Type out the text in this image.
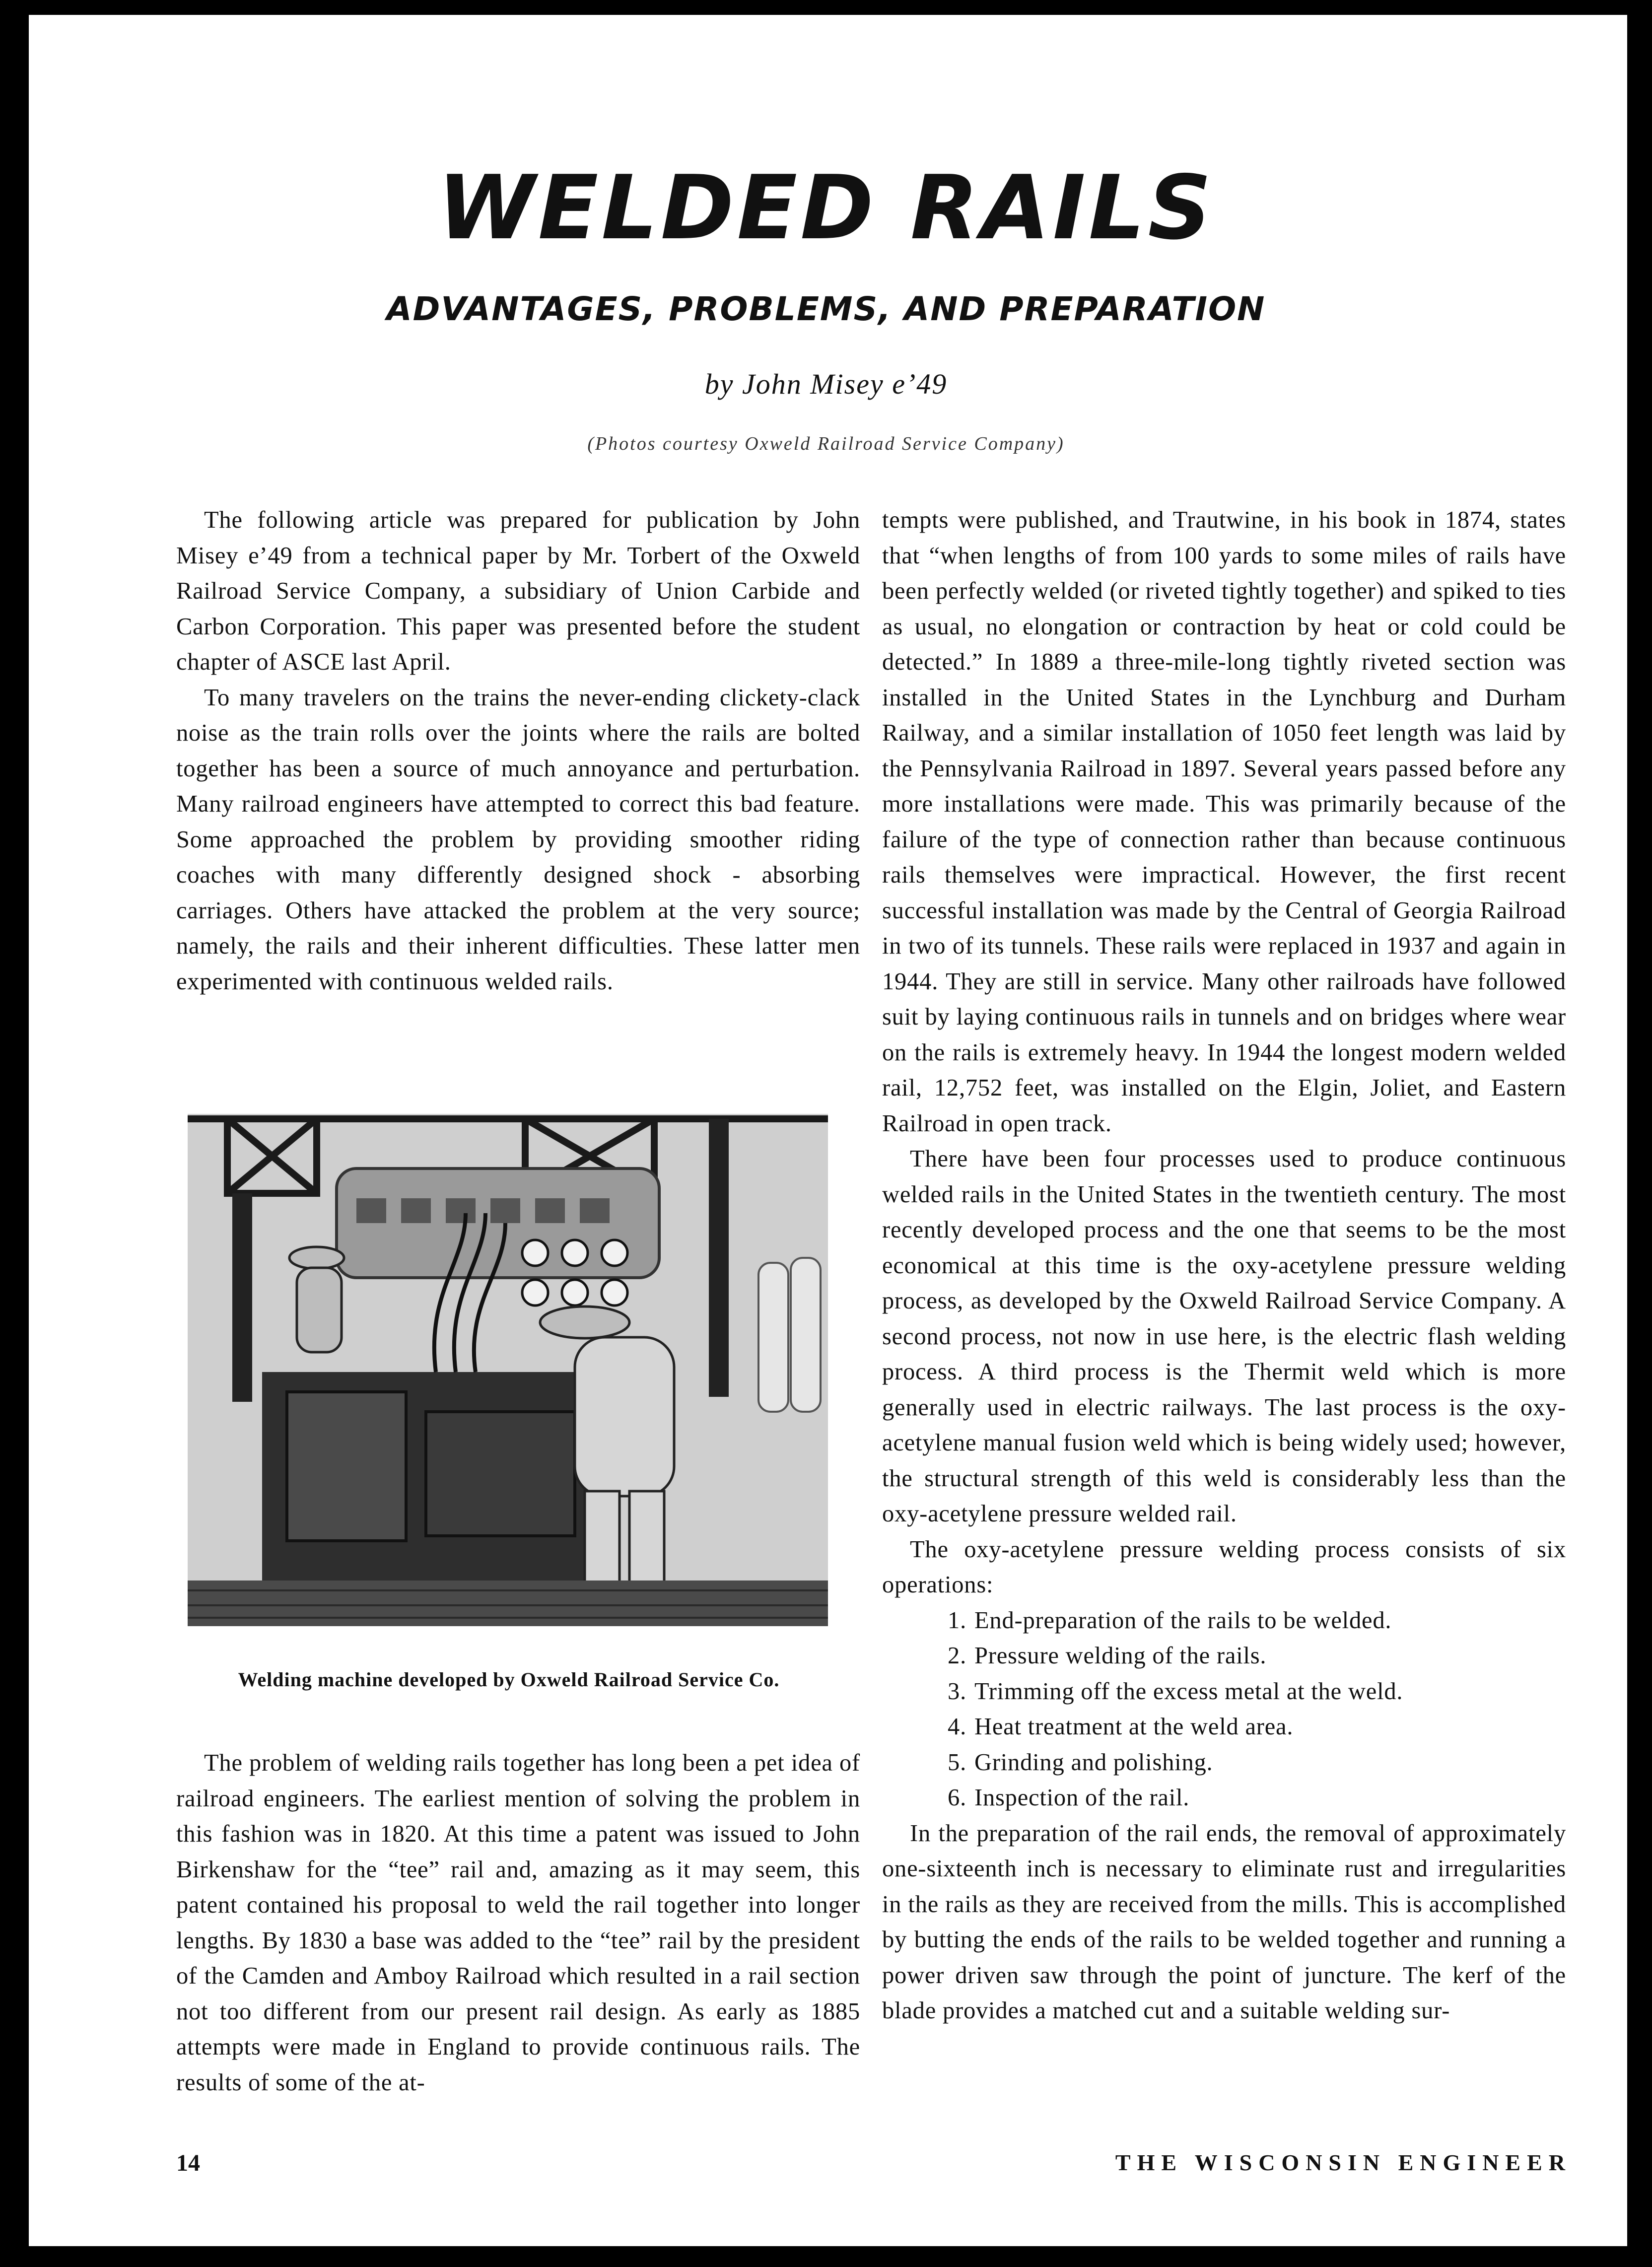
WELDED RAILS
ADVANTAGES, PROBLEMS, AND PREPARATION

by John Misey e’49

(Photos courtesy Oxweld Railroad Service Company)

The following article was prepared for publication by John Misey e’49 from a technical paper by Mr. Torbert of the Oxweld Railroad Service Company, a subsidiary of Union Carbide and Carbon Corporation. This paper was presented before the student chapter of ASCE last April.

To many travelers on the trains the never-ending clickety-clack noise as the train rolls over the joints where the rails are bolted together has been a source of much annoyance and perturbation. Many railroad engineers have attempted to correct this bad feature. Some approached the problem by providing smoother riding coaches with many differently designed shock - absorbing carriages. Others have attacked the problem at the very source; namely, the rails and their inherent difficulties. These latter men experimented with continuous welded rails.

Welding machine developed by Oxweld Railroad Service Co.

The problem of welding rails together has long been a pet idea of railroad engineers. The earliest mention of solving the problem in this fashion was in 1820. At this time a patent was issued to John Birkenshaw for the “tee” rail and, amazing as it may seem, this patent contained his proposal to weld the rail together into longer lengths. By 1830 a base was added to the “tee” rail by the president of the Camden and Amboy Railroad which resulted in a rail section not too different from our present rail design. As early as 1885 attempts were made in England to provide continuous rails. The results of some of the at-

tempts were published, and Trautwine, in his book in 1874, states that “when lengths of from 100 yards to some miles of rails have been perfectly welded (or riveted tightly together) and spiked to ties as usual, no elongation or contraction by heat or cold could be detected.” In 1889 a three-mile-long tightly riveted section was installed in the United States in the Lynchburg and Durham Railway, and a similar installation of 1050 feet length was laid by the Pennsylvania Railroad in 1897. Several years passed before any more installations were made. This was primarily because of the failure of the type of connection rather than because continuous rails themselves were impractical. However, the first recent successful installation was made by the Central of Georgia Railroad in two of its tunnels. These rails were replaced in 1937 and again in 1944. They are still in service. Many other railroads have followed suit by laying continuous rails in tunnels and on bridges where wear on the rails is extremely heavy. In 1944 the longest modern welded rail, 12,752 feet, was installed on the Elgin, Joliet, and Eastern Railroad in open track.

There have been four processes used to produce continuous welded rails in the United States in the twentieth century. The most recently developed process and the one that seems to be the most economical at this time is the oxy-acetylene pressure welding process, as developed by the Oxweld Railroad Service Company. A second process, not now in use here, is the electric flash welding process. A third process is the Thermit weld which is more generally used in electric railways. The last process is the oxy-acetylene manual fusion weld which is being widely used; however, the structural strength of this weld is considerably less than the oxy-acetylene pressure welded rail.

The oxy-acetylene pressure welding process consists of six operations:

1. End-preparation of the rails to be welded.
2. Pressure welding of the rails.
3. Trimming off the excess metal at the weld.
4. Heat treatment at the weld area.
5. Grinding and polishing.
6. Inspection of the rail.

In the preparation of the rail ends, the removal of approximately one-sixteenth inch is necessary to eliminate rust and irregularities in the rails as they are received from the mills. This is accomplished by butting the ends of the rails to be welded together and running a power driven saw through the point of juncture. The kerf of the blade provides a matched cut and a suitable welding sur-

14	THE WISCONSIN ENGINEER
